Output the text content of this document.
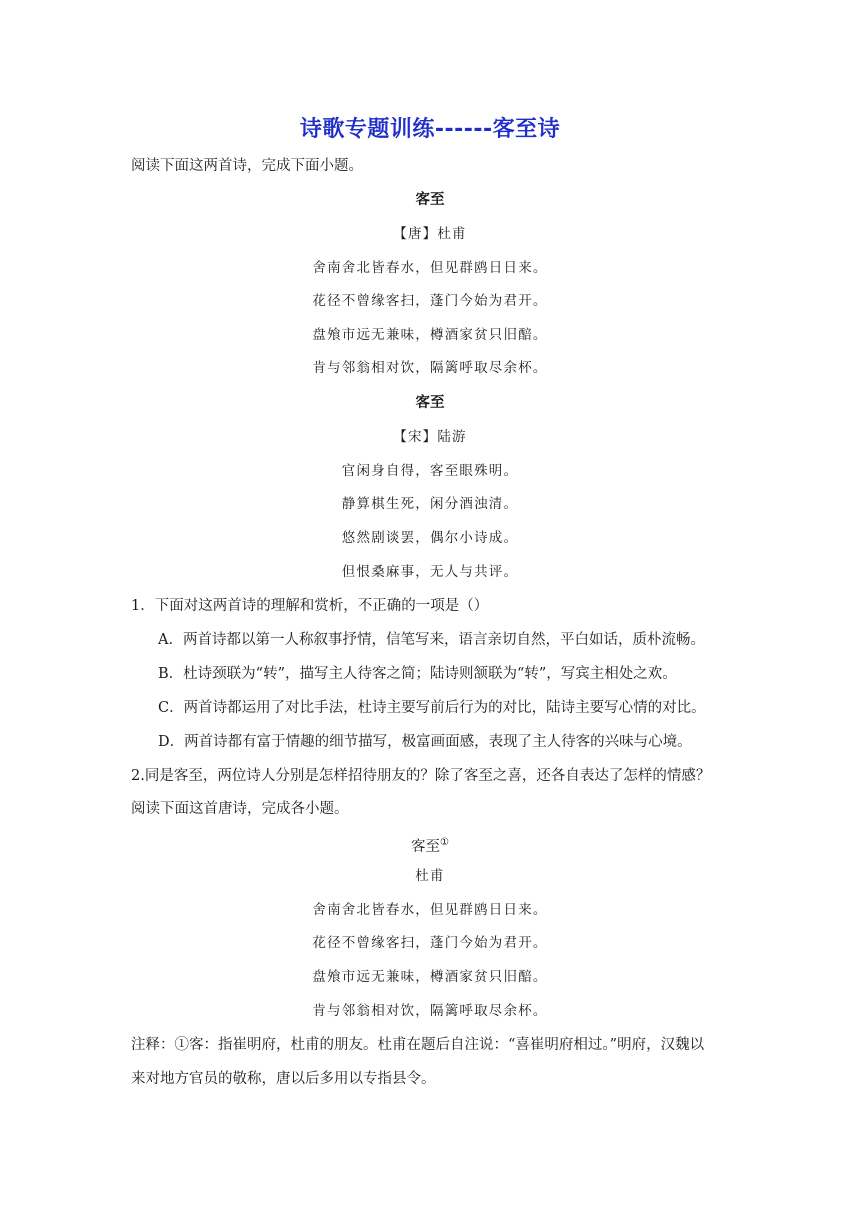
诗歌专题训练------客至诗
阅读下面这两首诗，完成下面小题。
客至
【唐】杜甫
舍南舍北皆春水，但见群鸥日日来。
花径不曾缘客扫，蓬门今始为君开。
盘飧市远无兼味，樽酒家贫只旧醅。
肯与邻翁相对饮，隔篱呼取尽余杯。
客至
【宋】陆游
官闲身自得，客至眼殊明。
静算棋生死，闲分酒浊清。
悠然剧谈罢，偶尔小诗成。
但恨桑麻事，无人与共评。
1．下面对这两首诗的理解和赏析，不正确的一项是（）
A．两首诗都以第一人称叙事抒情，信笔写来，语言亲切自然，平白如话，质朴流畅。
B．杜诗颈联为“转”，描写主人待客之简；陆诗则颔联为“转”，写宾主相处之欢。
C．两首诗都运用了对比手法，杜诗主要写前后行为的对比，陆诗主要写心情的对比。
D．两首诗都有富于情趣的细节描写，极富画面感，表现了主人待客的兴味与心境。
2.同是客至，两位诗人分别是怎样招待朋友的？除了客至之喜，还各自表达了怎样的情感？
阅读下面这首唐诗，完成各小题。
客至①
杜甫
舍南舍北皆春水，但见群鸥日日来。
花径不曾缘客扫，蓬门今始为君开。
盘飧市远无兼味，樽酒家贫只旧醅。
肯与邻翁相对饮，隔篱呼取尽余杯。
注释：①客：指崔明府，杜甫的朋友。杜甫在题后自注说：“喜崔明府相过。”明府，汉魏以
来对地方官员的敬称，唐以后多用以专指县令。
